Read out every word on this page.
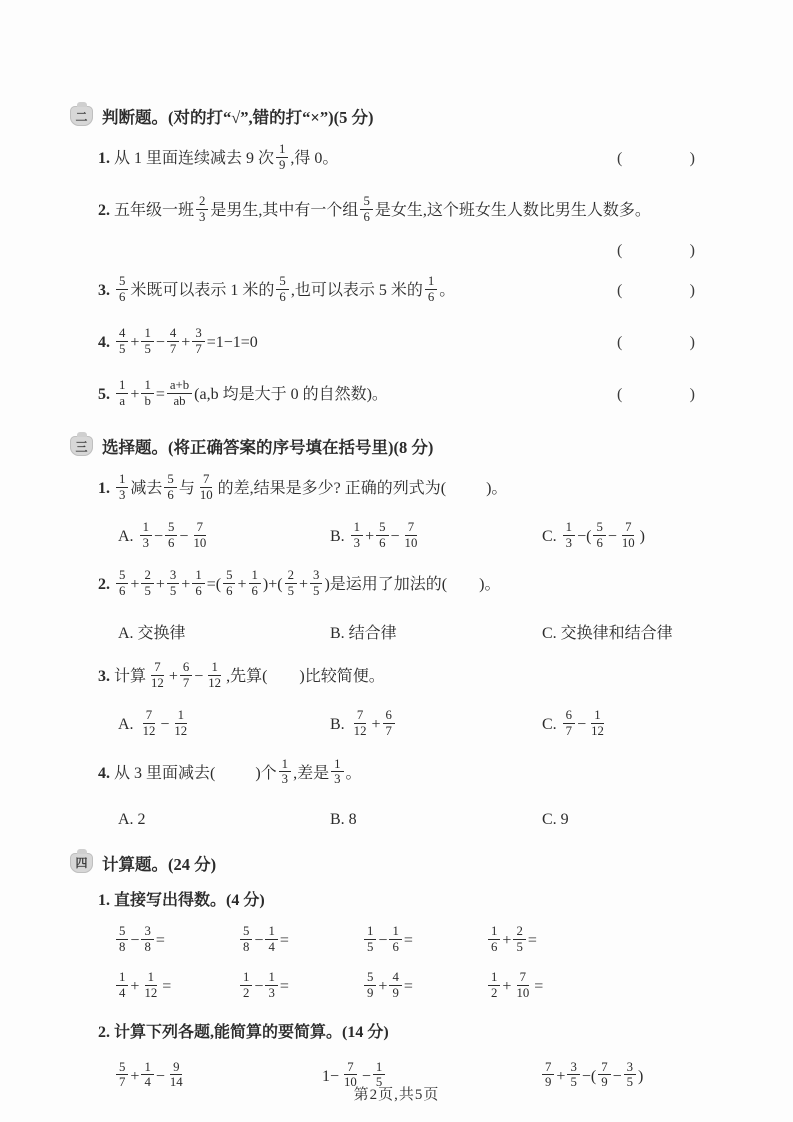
二 判断题。(对的打“√”,错的打“×”)(5 分)
1. 从 1 里面连续减去 9 次 $\frac{1}{9}$ ,得 0。	(	)
2. 五年级一班 $\frac{2}{3}$ 是男生,其中有一个组 $\frac{5}{6}$ 是女生,这个班女生人数比男生人数多。
(	)
3. $\frac{5}{6}$ 米既可以表示 1 米的 $\frac{5}{6}$ ,也可以表示 5 米的 $\frac{1}{6}$ 。	(	)
4. $\frac{4}{5} + \frac{1}{5} - \frac{4}{7} + \frac{3}{7} =1-1=0$	(	)
5. $\frac{1}{a} + \frac{1}{b} = \frac{a+b}{ab} (a,b$ 均是大于 0 的自然数)。	(	)
三 选择题。(将正确答案的序号填在括号里)(8 分)
1. $\frac{1}{3}$ 减去 $\frac{5}{6}$ 与 $\frac{7}{10}$ 的差,结果是多少? 正确的列式为(          )。
A. $\frac{1}{3} - \frac{5}{6} - \frac{7}{10}$	B. $\frac{1}{3} + \frac{5}{6} - \frac{7}{10}$	C. $\frac{1}{3}$ −( $\frac{5}{6} - \frac{7}{10}$ )
2. $\frac{5}{6} + \frac{2}{5} + \frac{3}{5} + \frac{1}{6}$ =( $\frac{5}{6} + \frac{1}{6}$ )+( $\frac{2}{5} + \frac{3}{5}$ )是运用了加法的(        )。
A. 交换律	B. 结合律	C. 交换律和结合律
3. 计算 $\frac{7}{12} + \frac{6}{7} - \frac{1}{12}$ ,先算(        )比较简便。
A. $\frac{7}{12} - \frac{1}{12}$	B. $\frac{7}{12} + \frac{6}{7}$	C. $\frac{6}{7} - \frac{1}{12}$
4. 从 3 里面减去(          )个 $\frac{1}{3}$ ,差是 $\frac{1}{3}$ 。
A. 2	B. 8	C. 9
四 计算题。(24 分)
1. 直接写出得数。(4 分)
$\frac{5}{8} - \frac{3}{8}$ =	$\frac{5}{8} - \frac{1}{4}$ =	$\frac{1}{5} - \frac{1}{6}$ =	$\frac{1}{6} + \frac{2}{5}$ =
$\frac{1}{4} + \frac{1}{12}$ =	$\frac{1}{2} - \frac{1}{3}$ =	$\frac{5}{9} + \frac{4}{9}$ =	$\frac{1}{2} + \frac{7}{10}$ =
2. 计算下列各题,能简算的要简算。(14 分)
$\frac{5}{7} + \frac{1}{4} - \frac{9}{14}$	$1- \frac{7}{10} - \frac{1}{5}$	$\frac{7}{9} + \frac{3}{5}$ −( $\frac{7}{9} - \frac{3}{5}$ )
第2页,共5页
